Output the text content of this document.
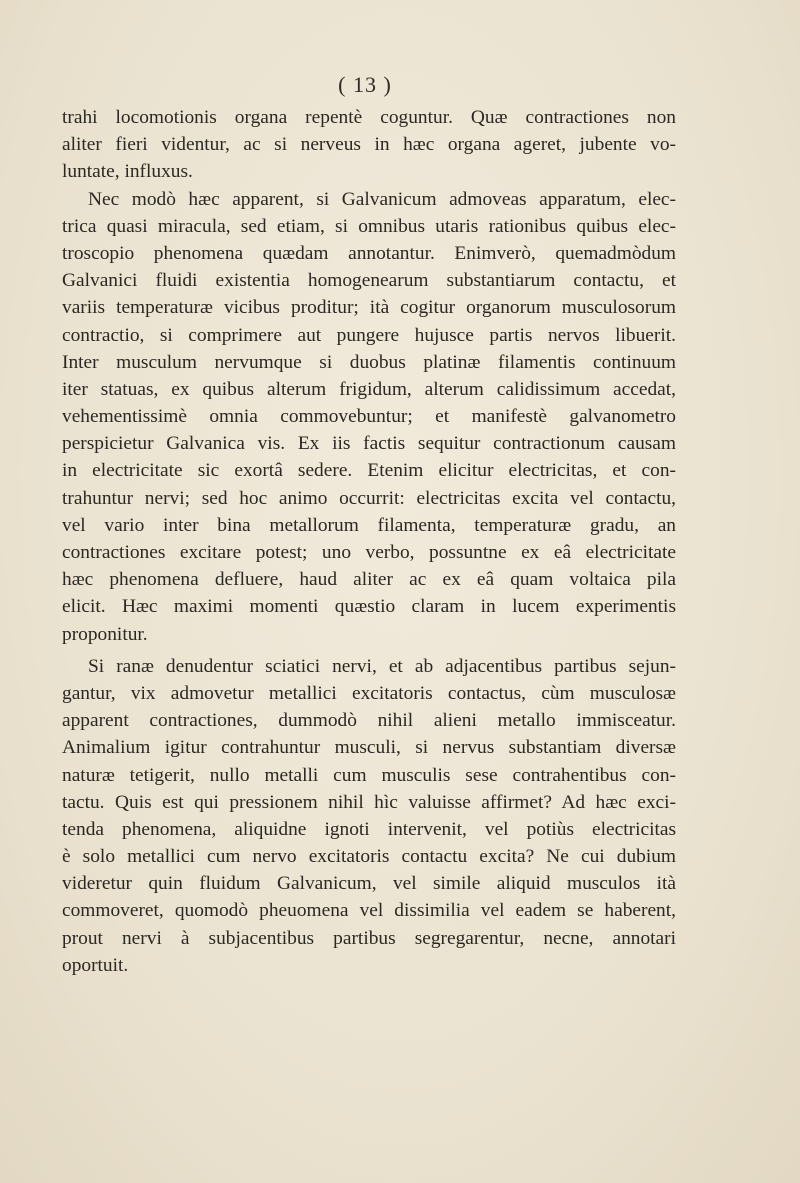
( 13 )
trahi locomotionis organa repentè coguntur. Quæ contractiones non
aliter fieri videntur, ac si nerveus in hæc organa ageret, jubente vo-
luntate, influxus.
Nec modò hæc apparent, si Galvanicum admoveas apparatum, elec-
trica quasi miracula, sed etiam, si omnibus utaris rationibus quibus elec-
troscopio phenomena quædam annotantur. Enimverò, quemadmòdum
Galvanici fluidi existentia homogenearum substantiarum contactu, et
variis temperaturæ vicibus proditur; ità cogitur organorum musculosorum
contractio, si comprimere aut pungere hujusce partis nervos libuerit.
Inter musculum nervumque si duobus platinæ filamentis continuum
iter statuas, ex quibus alterum frigidum, alterum calidissimum accedat,
vehementissimè omnia commovebuntur; et manifestè galvanometro
perspicietur Galvanica vis. Ex iis factis sequitur contractionum causam
in electricitate sic exortâ sedere. Etenim elicitur electricitas, et con-
trahuntur nervi; sed hoc animo occurrit: electricitas excita vel contactu,
vel vario inter bina metallorum filamenta, temperaturæ gradu, an
contractiones excitare potest; uno verbo, possuntne ex eâ electricitate
hæc phenomena defluere, haud aliter ac ex eâ quam voltaica pila
elicit. Hæc maximi momenti quæstio claram in lucem experimentis
proponitur.
Si ranæ denudentur sciatici nervi, et ab adjacentibus partibus sejun-
gantur, vix admovetur metallici excitatoris contactus, cùm musculosæ
apparent contractiones, dummodò nihil alieni metallo immisceatur.
Animalium igitur contrahuntur musculi, si nervus substantiam diversæ
naturæ tetigerit, nullo metalli cum musculis sese contrahentibus con-
tactu. Quis est qui pressionem nihil hìc valuisse affirmet? Ad hæc exci-
tenda phenomena, aliquidne ignoti intervenit, vel potiùs electricitas
è solo metallici cum nervo excitatoris contactu excita? Ne cui dubium
videretur quin fluidum Galvanicum, vel simile aliquid musculos ità
commoveret, quomodò pheuomena vel dissimilia vel eadem se haberent,
prout nervi à subjacentibus partibus segregarentur, necne, annotari
oportuit.
